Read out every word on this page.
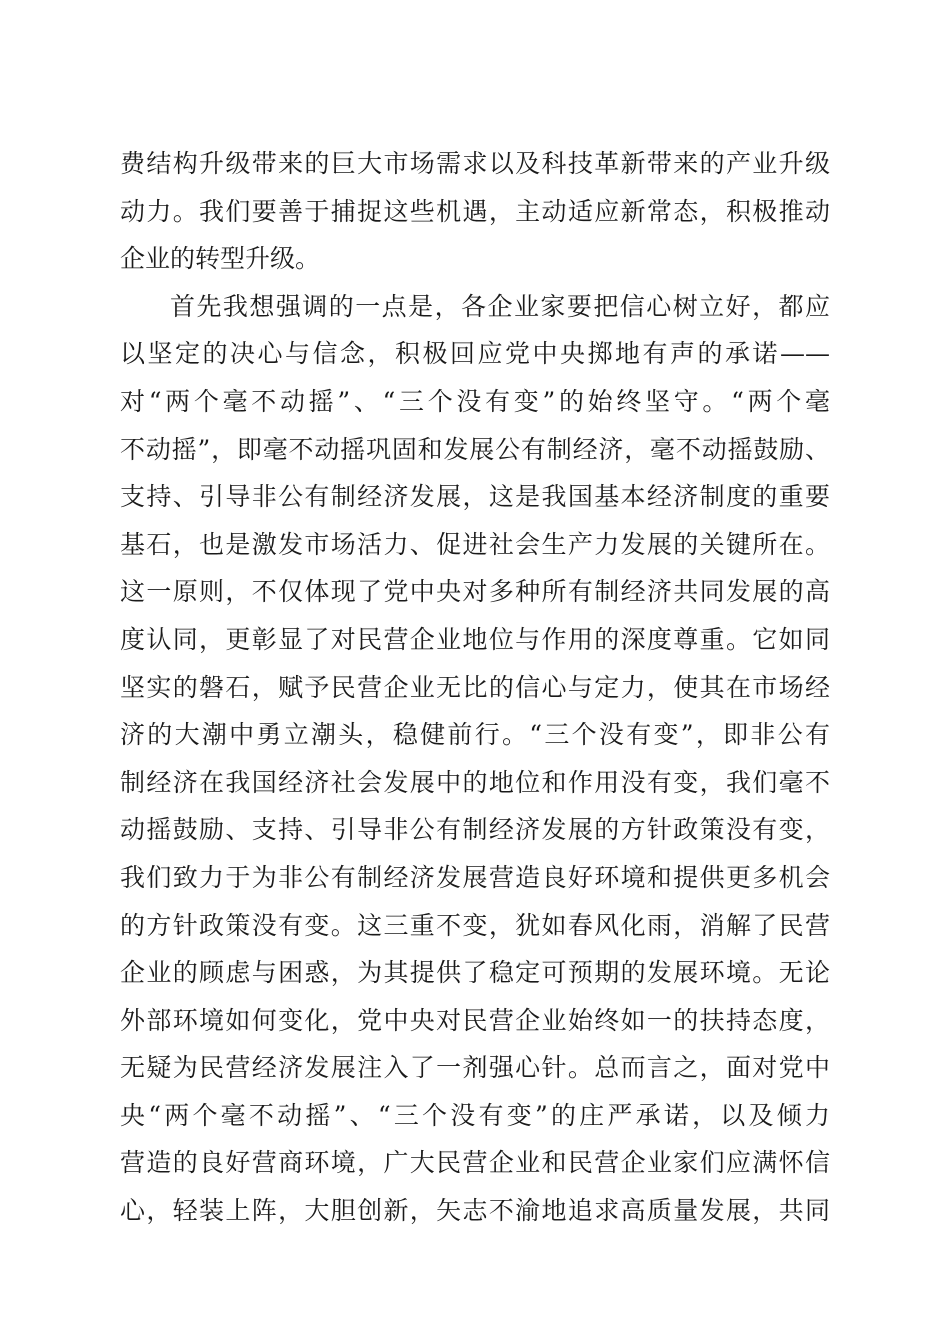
费结构升级带来的巨大市场需求以及科技革新带来的产业升级
动力。我们要善于捕捉这些机遇，主动适应新常态，积极推动
企业的转型升级。
首先我想强调的一点是，各企业家要把信心树立好，都应
以坚定的决心与信念，积极回应党中央掷地有声的承诺——
对“两个毫不动摇”、“三个没有变”的始终坚守。“两个毫
不动摇”，即毫不动摇巩固和发展公有制经济，毫不动摇鼓励、
支持、引导非公有制经济发展，这是我国基本经济制度的重要
基石，也是激发市场活力、促进社会生产力发展的关键所在。
这一原则，不仅体现了党中央对多种所有制经济共同发展的高
度认同，更彰显了对民营企业地位与作用的深度尊重。它如同
坚实的磐石，赋予民营企业无比的信心与定力，使其在市场经
济的大潮中勇立潮头，稳健前行。“三个没有变”，即非公有
制经济在我国经济社会发展中的地位和作用没有变，我们毫不
动摇鼓励、支持、引导非公有制经济发展的方针政策没有变，
我们致力于为非公有制经济发展营造良好环境和提供更多机会
的方针政策没有变。这三重不变，犹如春风化雨，消解了民营
企业的顾虑与困惑，为其提供了稳定可预期的发展环境。无论
外部环境如何变化，党中央对民营企业始终如一的扶持态度，
无疑为民营经济发展注入了一剂强心针。总而言之，面对党中
央“两个毫不动摇”、“三个没有变”的庄严承诺，以及倾力
营造的良好营商环境，广大民营企业和民营企业家们应满怀信
心，轻装上阵，大胆创新，矢志不渝地追求高质量发展，共同
